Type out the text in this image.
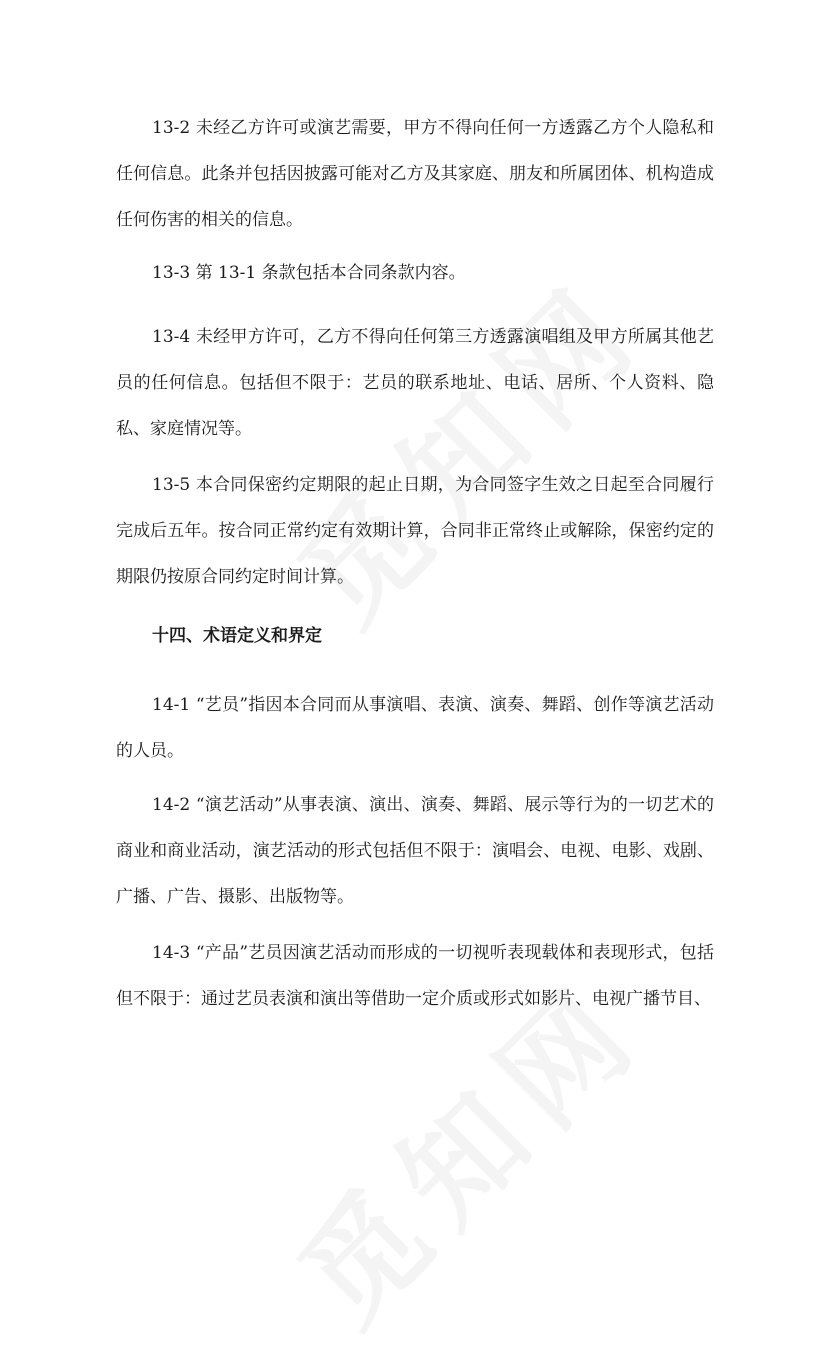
13-2 未经乙方许可或演艺需要，甲方不得向任何一方透露乙方个人隐私和任何信息。此条并包括因披露可能对乙方及其家庭、朋友和所属团体、机构造成任何伤害的相关的信息。

13-3 第 13-1 条款包括本合同条款内容。

13-4 未经甲方许可，乙方不得向任何第三方透露演唱组及甲方所属其他艺员的任何信息。包括但不限于：艺员的联系地址、电话、居所、个人资料、隐私、家庭情况等。

13-5 本合同保密约定期限的起止日期，为合同签字生效之日起至合同履行完成后五年。按合同正常约定有效期计算，合同非正常终止或解除，保密约定的期限仍按原合同约定时间计算。

十四、术语定义和界定

14-1 “艺员”指因本合同而从事演唱、表演、演奏、舞蹈、创作等演艺活动的人员。

14-2 “演艺活动”从事表演、演出、演奏、舞蹈、展示等行为的一切艺术的商业和商业活动，演艺活动的形式包括但不限于：演唱会、电视、电影、戏剧、广播、广告、摄影、出版物等。

14-3 “产品”艺员因演艺活动而形成的一切视听表现载体和表现形式，包括但不限于：通过艺员表演和演出等借助一定介质或形式如影片、电视广播节目、
